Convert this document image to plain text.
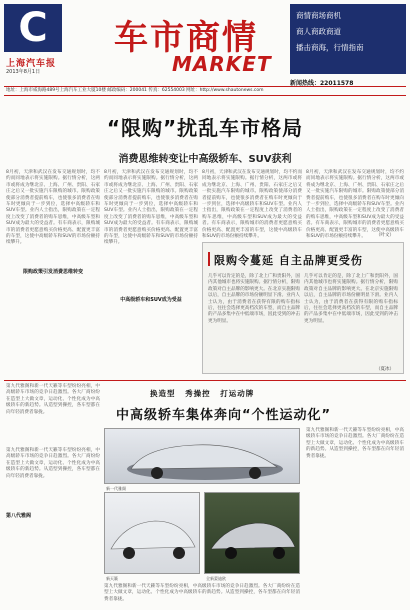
C
上海汽车报
2013年8月1日
车市商情
MARKET
商情商场商机
商人商政商道
播击商海，行情指南
新闻热线：22011578
地址：上海市威海路489号上海汽车工业大厦10楼 邮政编码：200041 传真：62554003 网址：http://www.shautonews.com
“限购”扰乱车市格局
消费思维转变让中高级轿车、SUV获利
8月初，天津和武汉在发布交通规划时，均不约而同地表示将实施限购。据行情分析，这两市或将成为继北京、上海、广州、贵阳、石家庄之后又一批实施汽车限购的城市。限购政策使部分消费者提前购车，也使很多消费者在购车时更倾向于一步到位，选择中高级轿车和SUV车型。业内人士指出，限购政策在一定程度上改变了消费者的购车思维，中高级车型和SUV成为最大的受益者。有车商表示，限购城市的消费者更愿意购买价格更高、配置更丰富的车型，这使中高级轿车和SUV的市场份额持续攀升。
限购政策引发消费思维转变
8月初，天津和武汉在发布交通规划时，均不约而同地表示将实施限购。据行情分析，这两市或将成为继北京、上海、广州、贵阳、石家庄之后又一批实施汽车限购的城市。限购政策使部分消费者提前购车，也使很多消费者在购车时更倾向于一步到位，选择中高级轿车和SUV车型。业内人士指出，限购政策在一定程度上改变了消费者的购车思维，中高级车型和SUV成为最大的受益者。有车商表示，限购城市的消费者更愿意购买价格更高、配置更丰富的车型，这使中高级轿车和SUV的市场份额持续攀升。
中高级轿车和SUV成为受益
8月初，天津和武汉在发布交通规划时，均不约而同地表示将实施限购。据行情分析，这两市或将成为继北京、上海、广州、贵阳、石家庄之后又一批实施汽车限购的城市。限购政策使部分消费者提前购车，也使很多消费者在购车时更倾向于一步到位，选择中高级轿车和SUV车型。业内人士指出，限购政策在一定程度上改变了消费者的购车思维，中高级车型和SUV成为最大的受益者。有车商表示，限购城市的消费者更愿意购买价格更高、配置更丰富的车型，这使中高级轿车和SUV的市场份额持续攀升。
8月初，天津和武汉在发布交通规划时，均不约而同地表示将实施限购。据行情分析，这两市或将成为继北京、上海、广州、贵阳、石家庄之后又一批实施汽车限购的城市。限购政策使部分消费者提前购车，也使很多消费者在购车时更倾向于一步到位，选择中高级轿车和SUV车型。业内人士指出，限购政策在一定程度上改变了消费者的购车思维，中高级车型和SUV成为最大的受益者。有车商表示，限购城市的消费者更愿意购买价格更高、配置更丰富的车型，这使中高级轿车和SUV的市场份额持续攀升。	（叶文）
限购令蔓延 自主品牌更受伤
几乎可以肯定的是，除了北上广和贵阳外，国内其他城市也将实施限购。据行情分析，限购政策对自主品牌的影响更大。在北京实施限购以后，自主品牌的市场份额明显下滑。业内人士认为，由于消费者在获得有限的购车指标后，往往会选择更高档次的车型，而自主品牌的产品多集中在中低端市场，因此受到的冲击更为明显。
几乎可以肯定的是，除了北上广和贵阳外，国内其他城市也将实施限购。据行情分析，限购政策对自主品牌的影响更大。在北京实施限购以后，自主品牌的市场份额明显下滑。业内人士认为，由于消费者在获得有限的购车指标后，往往会选择更高档次的车型，而自主品牌的产品多集中在中低端市场，因此受到的冲击更为明显。
（夏冰）
第九代雅阁和新一代天籁等车型纷纷亮相，中高级轿车市场的竞争日趋激烈。各大厂商纷纷在造型上大做文章，运动化、个性化成为中高级轿车的新趋势。从造型到操控，各车型都在向年轻消费者靠拢。
换造型 秀操控 打运动牌
中高级轿车集体奔向“个性运动化”
新一代雅阁
新天籁	全新蒙迪欧
第九代雅阁和新一代天籁等车型纷纷亮相，中高级轿车市场的竞争日趋激烈。各大厂商纷纷在造型上大做文章，运动化、个性化成为中高级轿车的新趋势。从造型到操控，各车型都在向年轻消费者靠拢。
第八代雅阁
第九代雅阁和新一代天籁等车型纷纷亮相，中高级轿车市场的竞争日趋激烈。各大厂商纷纷在造型上大做文章，运动化、个性化成为中高级轿车的新趋势。从造型到操控，各车型都在向年轻消费者靠拢。
第九代雅阁和新一代天籁等车型纷纷亮相，中高级轿车市场的竞争日趋激烈。各大厂商纷纷在造型上大做文章，运动化、个性化成为中高级轿车的新趋势。从造型到操控，各车型都在向年轻消费者靠拢。
